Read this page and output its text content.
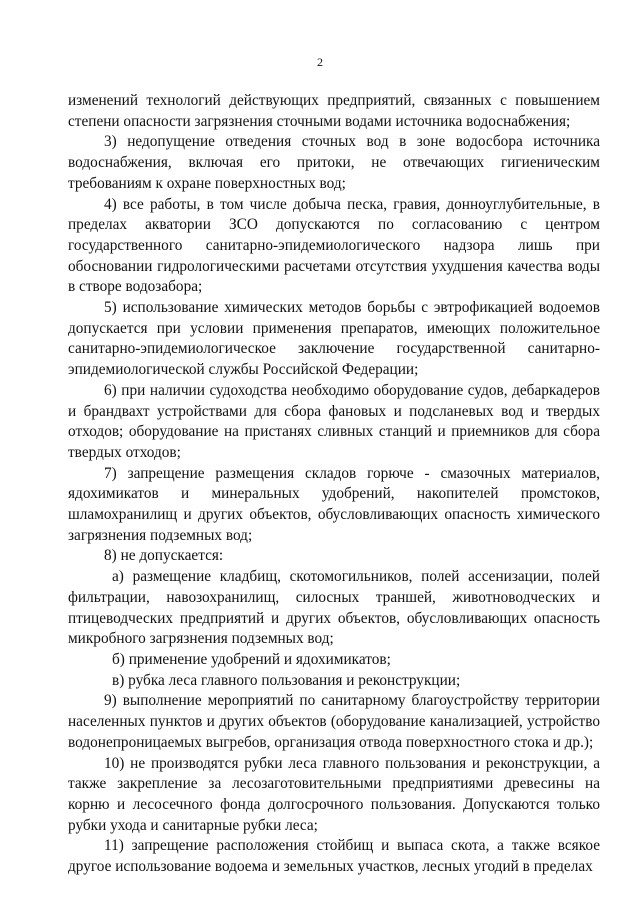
2

изменений технологий действующих предприятий, связанных с повышением степени опасности загрязнения сточными водами источника водоснабжения;

3) недопущение отведения сточных вод в зоне водосбора источника водоснабжения, включая его притоки, не отвечающих гигиеническим требованиям к охране поверхностных вод;

4) все работы, в том числе добыча песка, гравия, донноуглубительные, в пределах акватории ЗСО допускаются по согласованию с центром государственного санитарно-эпидемиологического надзора лишь при обосновании гидрологическими расчетами отсутствия ухудшения качества воды в створе водозабора;

5) использование химических методов борьбы с эвтрофикацией водоемов допускается при условии применения препаратов, имеющих положительное санитарно-эпидемиологическое заключение государственной санитарно-эпидемиологической службы Российской Федерации;

6) при наличии судоходства необходимо оборудование судов, дебаркадеров и брандвахт устройствами для сбора фановых и подсланевых вод и твердых отходов; оборудование на пристанях сливных станций и приемников для сбора твердых отходов;

7) запрещение размещения складов горюче - смазочных материалов, ядохимикатов и минеральных удобрений, накопителей промстоков, шламохранилищ и других объектов, обусловливающих опасность химического загрязнения подземных вод;

8) не допускается:

а) размещение кладбищ, скотомогильников, полей ассенизации, полей фильтрации, навозохранилищ, силосных траншей, животноводческих и птицеводческих предприятий и других объектов, обусловливающих опасность микробного загрязнения подземных вод;

б) применение удобрений и ядохимикатов;

в) рубка леса главного пользования и реконструкции;

9) выполнение мероприятий по санитарному благоустройству территории населенных пунктов и других объектов (оборудование канализацией, устройство водонепроницаемых выгребов, организация отвода поверхностного стока и др.);

10) не производятся рубки леса главного пользования и реконструкции, а также закрепление за лесозаготовительными предприятиями древесины на корню и лесосечного фонда долгосрочного пользования. Допускаются только рубки ухода и санитарные рубки леса;

11) запрещение расположения стойбищ и выпаса скота, а также всякое другое использование водоема и земельных участков, лесных угодий в пределах
